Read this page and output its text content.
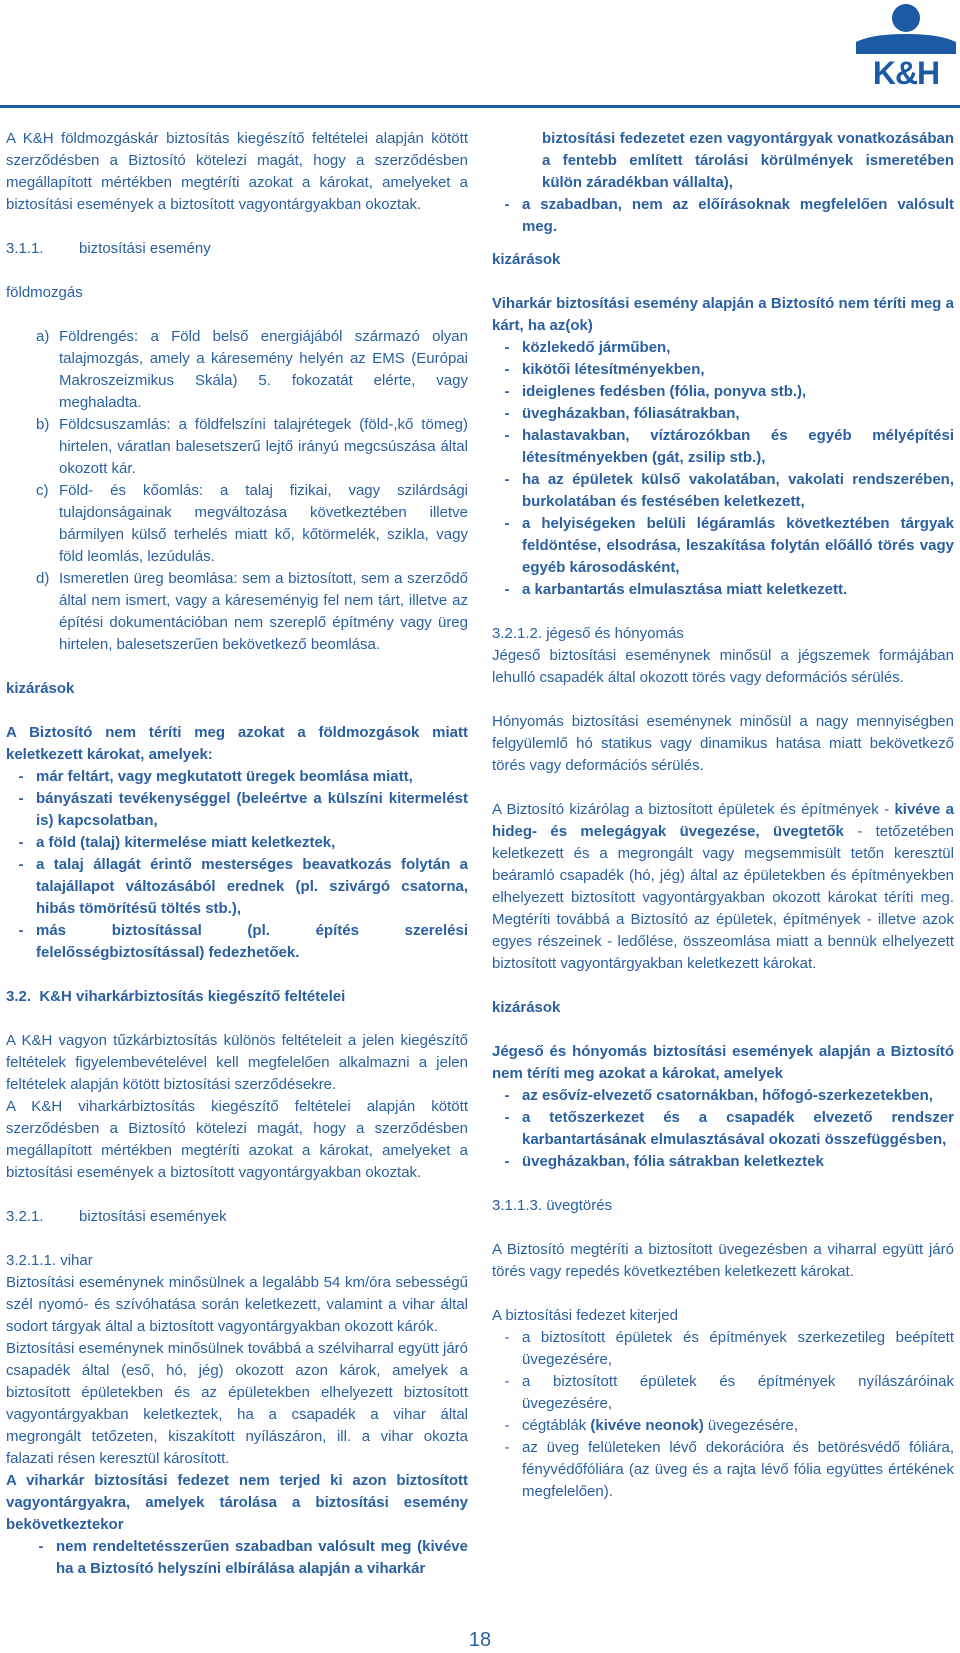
K&H

A K&H földmozgáskár biztosítás kiegészítő feltételei alapján kötött szerződésben a Biztosító kötelezi magát, hogy a szerződésben megállapított mértékben megtéríti azokat a károkat, amelyeket a biztosítási események a biztosított vagyontárgyakban okoztak.

3.1.1.	biztosítási esemény

földmozgás

a) Földrengés: a Föld belső energiájából származó olyan talajmozgás, amely a káresemény helyén az EMS (Európai Makroszeizmikus Skála) 5. fokozatát elérte, vagy meghaladta.
b) Földcsuszamlás: a földfelszíni talajrétegek (föld-,kő tömeg) hirtelen, váratlan balesetszerű lejtő irányú megcsúszása által okozott kár.
c) Föld- és kőomlás: a talaj fizikai, vagy szilárdsági tulajdonságainak megváltozása következtében illetve bármilyen külső terhelés miatt kő, kőtörmelék, szikla, vagy föld leomlás, lezúdulás.
d) Ismeretlen üreg beomlása: sem a biztosított, sem a szerződő által nem ismert, vagy a káreseményig fel nem tárt, illetve az építési dokumentációban nem szereplő építmény vagy üreg hirtelen, balesetszerűen bekövetkező beomlása.

kizárások

A Biztosító nem téríti meg azokat a földmozgások miatt keletkezett károkat, amelyek:

- már feltárt, vagy megkutatott üregek beomlása miatt,
- bányászati tevékenységgel (beleértve a külszíni kitermelést is) kapcsolatban,
- a föld (talaj) kitermelése miatt keletkeztek,
- a talaj állagát érintő mesterséges beavatkozás folytán a talajállapot változásából erednek (pl. szivárgó csatorna, hibás tömörítésű töltés stb.),
- más biztosítással (pl. építés szerelési felelősségbiztosítással) fedezhetőek.

3.2.  K&H viharkárbiztosítás kiegészítő feltételei

A K&H vagyon tűzkárbiztosítás különös feltételeit a jelen kiegészítő feltételek figyelembevételével kell megfelelően alkalmazni a jelen feltételek alapján kötött biztosítási szerződésekre.

A K&H viharkárbiztosítás kiegészítő feltételei alapján kötött szerződésben a Biztosító kötelezi magát, hogy a szerződésben megállapított mértékben megtéríti azokat a károkat, amelyeket a biztosítási események a biztosított vagyontárgyakban okoztak.

3.2.1.	biztosítási események

3.2.1.1. vihar

Biztosítási eseménynek minősülnek a legalább 54 km/óra sebességű szél nyomó- és szívóhatása során keletkezett, valamint a vihar által sodort tárgyak által a biztosított vagyontárgyakban okozott kárók.

Biztosítási eseménynek minősülnek továbbá a szélviharral együtt járó csapadék által (eső, hó, jég) okozott azon károk, amelyek a biztosított épületekben és az épületekben elhelyezett biztosított vagyontárgyakban keletkeztek, ha a csapadék a vihar által megrongált tetőzeten, kiszakított nyílászáron, ill. a vihar okozta falazati résen keresztül károsított.

A viharkár biztosítási fedezet nem terjed ki azon biztosított vagyontárgyakra, amelyek tárolása a biztosítási esemény bekövetkeztekor

- nem rendeltetésszerűen szabadban valósult meg (kivéve ha a Biztosító helyszíni elbírálása alapján a viharkár
biztosítási fedezetet ezen vagyontárgyak vonatkozásában a fentebb említett tárolási körülmények ismeretében külön záradékban vállalta),
- a szabadban, nem az előírásoknak megfelelően valósult meg.

kizárások

Viharkár biztosítási esemény alapján a Biztosító nem téríti meg a kárt, ha az(ok)

- közlekedő járműben,
- kikötői létesítményekben,
- ideiglenes fedésben (fólia, ponyva stb.),
- üvegházakban, fóliasátrakban,
- halastavakban, víztározókban és egyéb mélyépítési létesítményekben (gát, zsilip stb.),
- ha az épületek külső vakolatában, vakolati rendszerében, burkolatában és festésében keletkezett,
- a helyiségeken belüli légáramlás következtében tárgyak feldöntése, elsodrása, leszakítása folytán előálló törés vagy egyéb károsodásként,
- a karbantartás elmulasztása miatt keletkezett.

3.2.1.2. jégeső és hónyomás

Jégeső biztosítási eseménynek minősül a jégszemek formájában lehulló csapadék által okozott törés vagy deformációs sérülés.

Hónyomás biztosítási eseménynek minősül a nagy mennyiségben felgyülemlő hó statikus vagy dinamikus hatása miatt bekövetkező törés vagy deformációs sérülés.

A Biztosító kizárólag a biztosított épületek és építmények - kivéve a hideg- és melegágyak üvegezése, üvegtetők - tetőzetében keletkezett és a megrongált vagy megsemmisült tetőn keresztül beáramló csapadék (hó, jég) által az épületekben és építményekben elhelyezett biztosított vagyontárgyakban okozott károkat téríti meg. Megtéríti továbbá a Biztosító az épületek, építmények - illetve azok egyes részeinek - ledőlése, összeomlása miatt a bennük elhelyezett biztosított vagyontárgyakban keletkezett károkat.

kizárások

Jégeső és hónyomás biztosítási események alapján a Biztosító nem téríti meg azokat a károkat, amelyek

- az esővíz-elvezető csatornákban, hőfogó-szerkezetekben,
- a tetőszerkezet és a csapadék elvezető rendszer karbantartásának elmulasztásával okozati összefüggésben,
- üvegházakban, fólia sátrakban keletkeztek

3.1.1.3. üvegtörés

A Biztosító megtéríti a biztosított üvegezésben a viharral együtt járó törés vagy repedés következtében keletkezett károkat.

A biztosítási fedezet kiterjed

- a biztosított épületek és építmények szerkezetileg beépített üvegezésére,
- a biztosított épületek és építmények nyílászáróinak üvegezésére,
- cégtáblák (kivéve neonok) üvegezésére,
- az üveg felületeken lévő dekorációra és betörésvédő fóliára, fényvédőfóliára (az üveg és a rajta lévő fólia együttes értékének megfelelően).
18
